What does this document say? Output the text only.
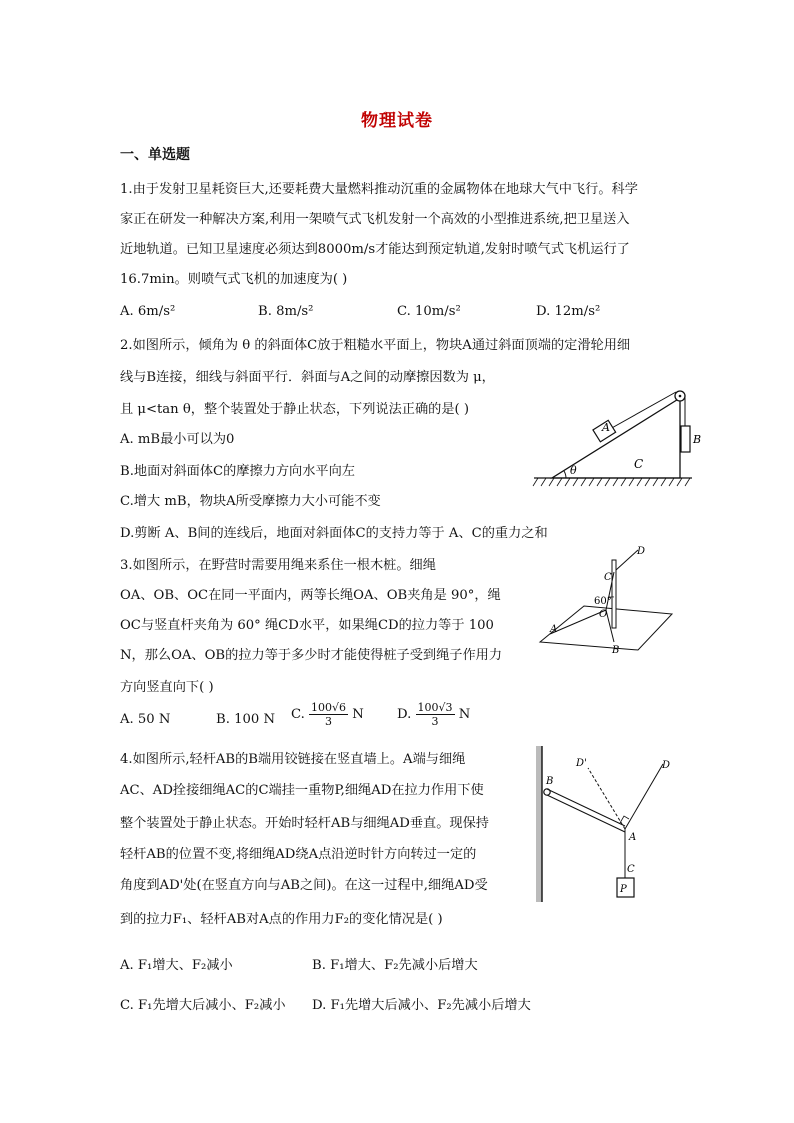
物理试卷
一、单选题
1.由于发射卫星耗资巨大,还要耗费大量燃料推动沉重的金属物体在地球大气中飞行。科学
家正在研发一种解决方案,利用一架喷气式飞机发射一个高效的小型推进系统,把卫星送入
近地轨道。已知卫星速度必须达到8000m/s才能达到预定轨道,发射时喷气式飞机运行了
16.7min。则喷气式飞机的加速度为( )
A. 6m/s²	B. 8m/s²	C. 10m/s²	D. 12m/s²
2.如图所示，倾角为 θ 的斜面体C放于粗糙水平面上，物块A通过斜面顶端的定滑轮用细
线与B连接，细线与斜面平行．斜面与A之间的动摩擦因数为 μ，
且 μ<tan θ，整个装置处于静止状态，下列说法正确的是( )
A. mB最小可以为0
B.地面对斜面体C的摩擦力方向水平向左
C.增大 mB，物块A所受摩擦力大小可能不变
D.剪断 A、B间的连线后，地面对斜面体C的支持力等于 A、C的重力之和
θ
A
B
C
3.如图所示，在野营时需要用绳来系住一根木桩。细绳
OA、OB、OC在同一平面内，两等长绳OA、OB夹角是 90°，绳
OC与竖直杆夹角为 60° 绳CD水平，如果绳CD的拉力等于 100
N，那么OA、OB的拉力等于多少时才能使得桩子受到绳子作用力
方向竖直向下( )
A. 50 N	B. 100 N C. $\frac{100√6}{3}$ N	D. $\frac{100√3}{3}$ N
D
C
60°
O
A
B
4.如图所示,轻杆AB的B端用铰链接在竖直墙上。A端与细绳
AC、AD拴接细绳AC的C端挂一重物P,细绳AD在拉力作用下使
整个装置处于静止状态。开始时轻杆AB与细绳AD垂直。现保持
轻杆AB的位置不变,将细绳AD绕A点沿逆时针方向转过一定的
角度到AD'处(在竖直方向与AB之间)。在这一过程中,细绳AD受
到的拉力F₁、轻杆AB对A点的作用力F₂的变化情况是( )
A. F₁增大、F₂减小	B. F₁增大、F₂先减小后增大
C. F₁先增大后减小、F₂减小 D. F₁先增大后减小、F₂先减小后增大
D'	D
B
A
C
P
